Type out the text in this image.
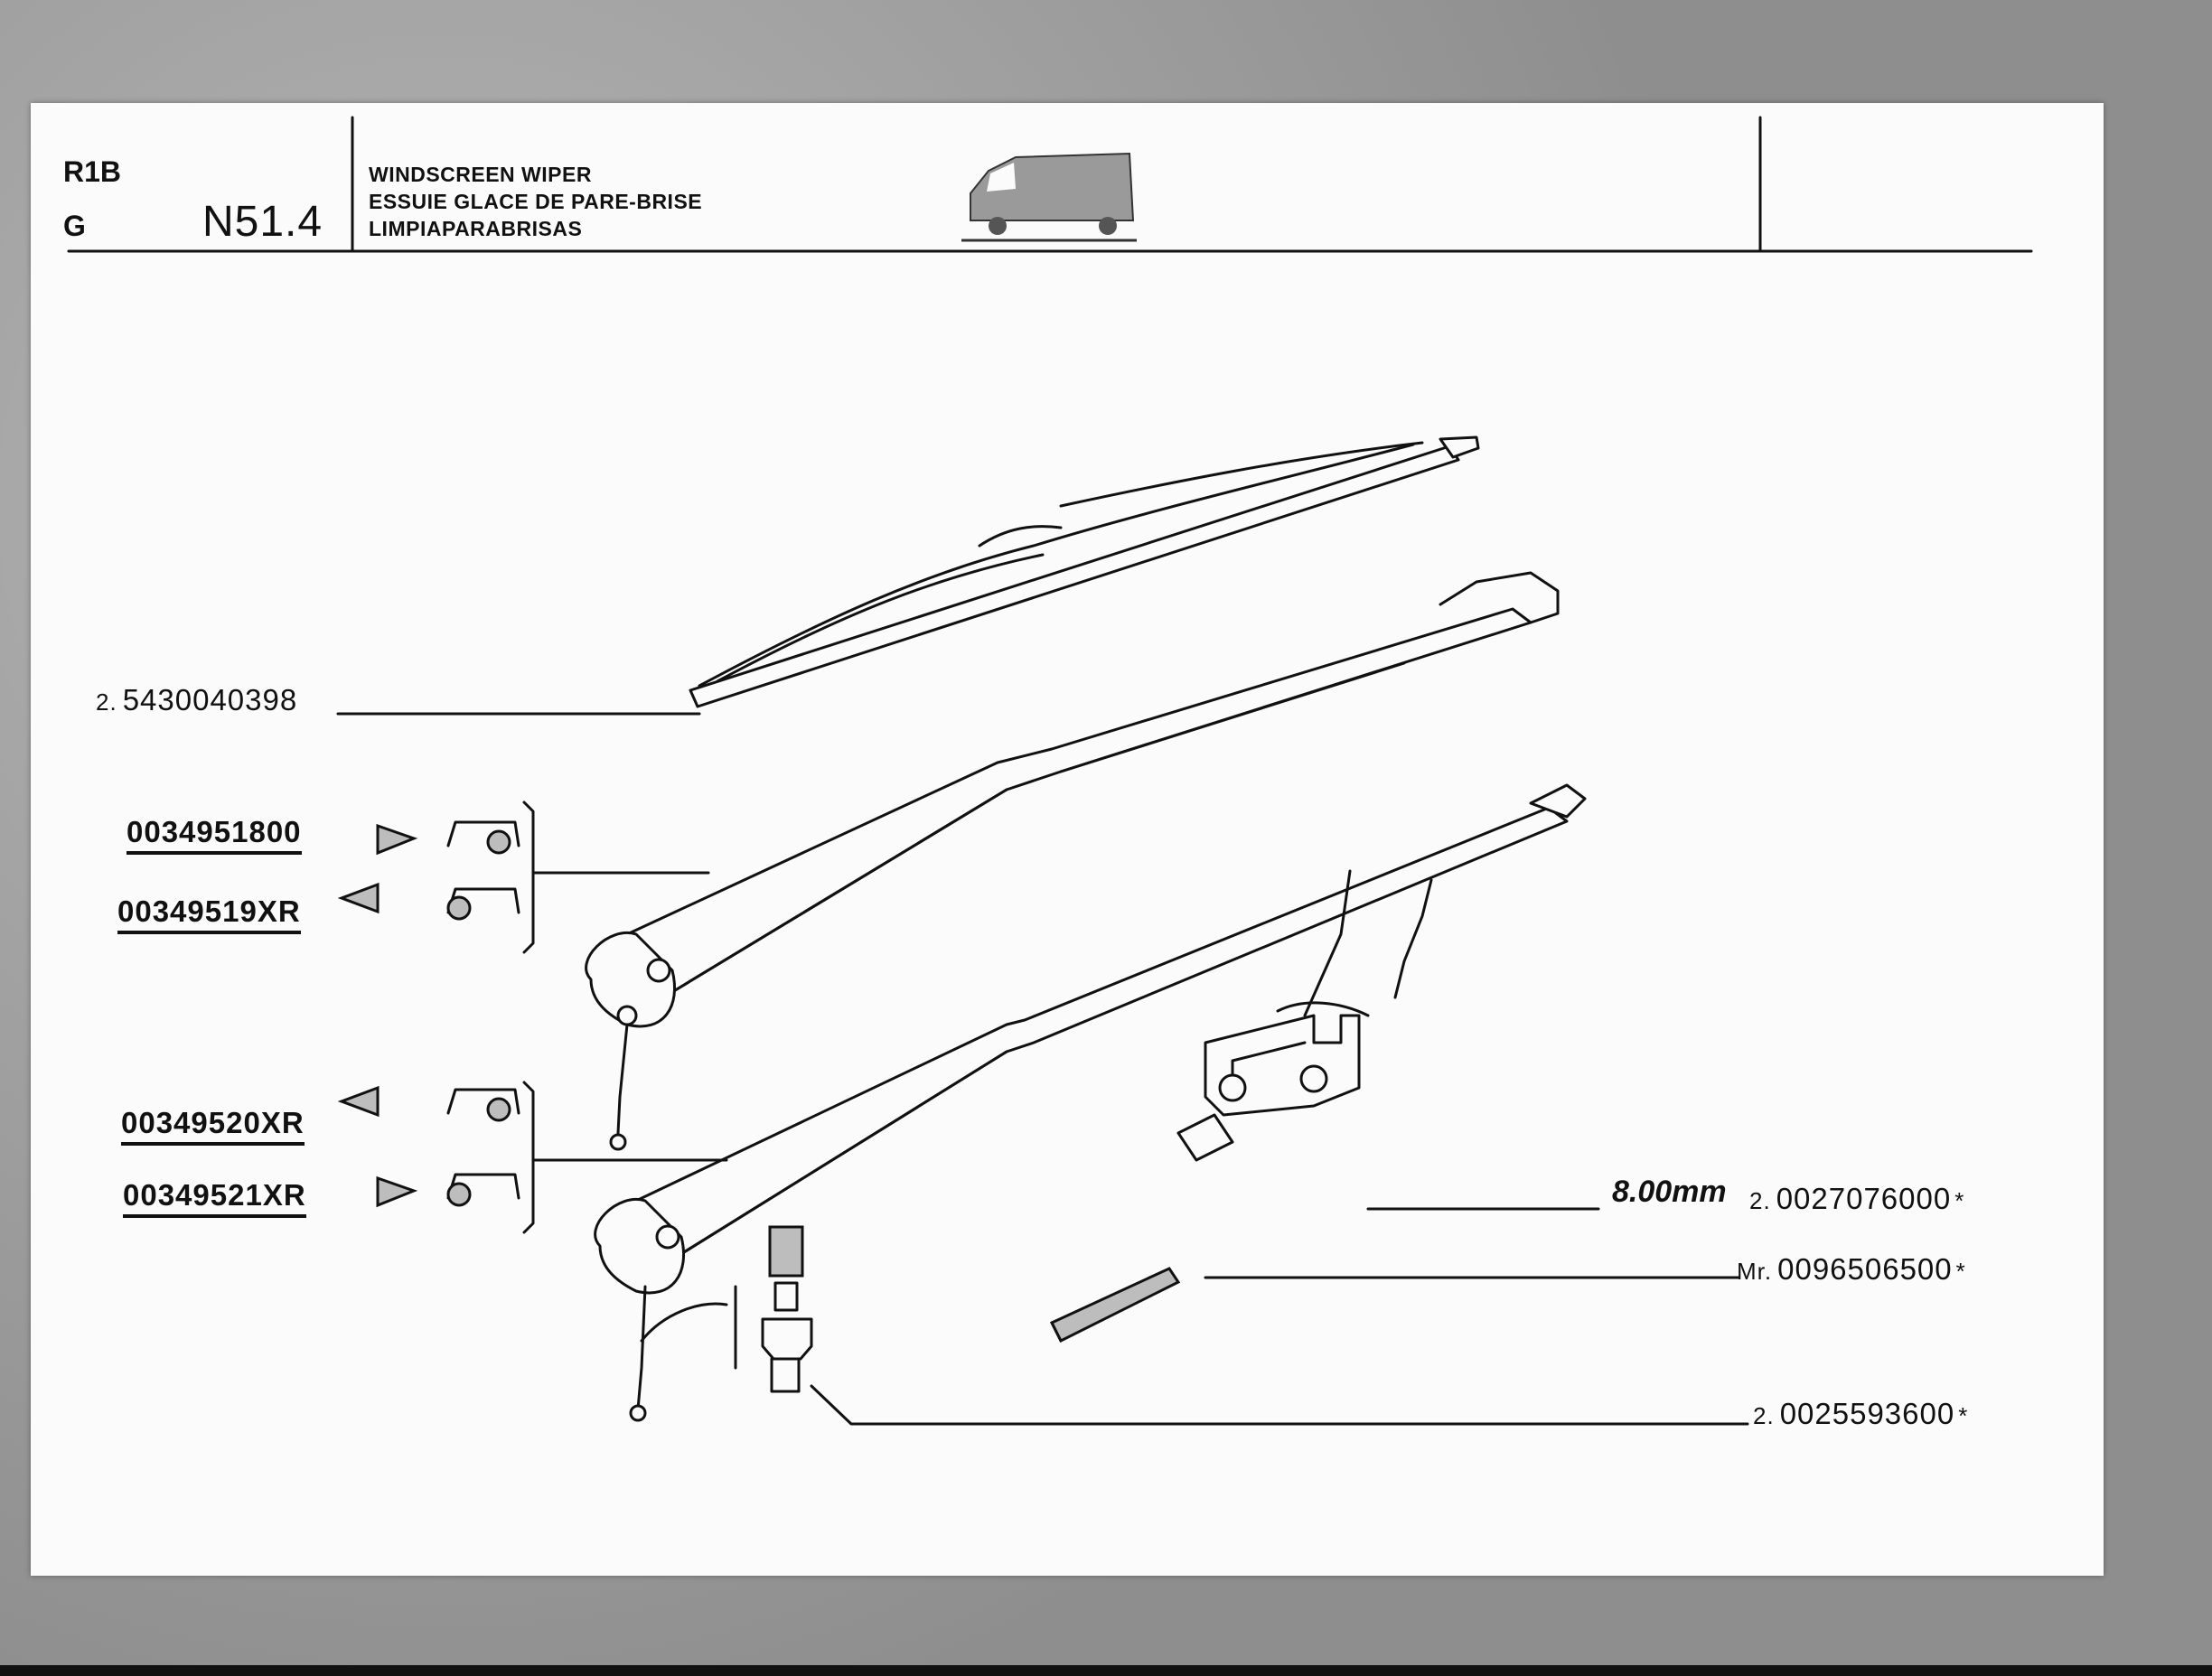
R1B
G	N51.4
WINDSCREEN WIPER
ESSUIE GLACE DE PARE-BRISE
LIMPIAPARABRISAS
2. 5430040398
0034951800
00349519XR
00349520XR
00349521XR	8.00mm 2. 0027076000 *
Mr. 0096506500 *
2. 0025593600 *
